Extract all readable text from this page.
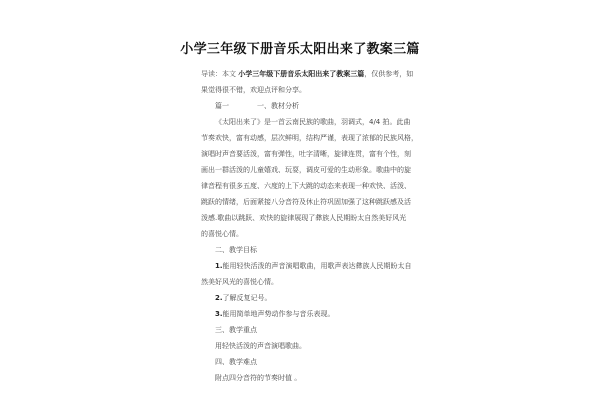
小学三年级下册音乐太阳出来了教案三篇

导读：本文 小学三年级下册音乐太阳出来了教案三篇，仅供参考，如

果觉得很不错，欢迎点评和分享。

篇一	一、教材分析

《太阳出来了》是一首云南民族的歌曲，羽调式，4/4 拍。此曲

节奏欢快，富有动感，层次鲜明，结构严谨，表现了浓郁的民族风格，

演唱时声音要活泼，富有弹性，吐字清晰，旋律连贯，富有个性，刻

画出一群活泼的儿童嬉戏、玩耍，调皮可爱的生动形象。歌曲中的旋

律音程有很多五度、六度的上下大跳的动态来表现一种欢快、活泼、

跳跃的情绪，后面紧接八分音符及休止符巩固加强了这种跳跃感及活

泼感.歌曲以跳跃、欢快的旋律展现了彝族人民期盼太自然美好风光

的喜悦心情。

二、教学目标

1.能用轻快活泼的声音演唱歌曲，用歌声表达彝族人民期盼太自

然美好风光的喜悦心情。

2.了解反复记号。

3.能用简单地声势动作参与音乐表现。

三、教学重点

用轻快活泼的声音演唱歌曲。

四、教学难点

附点四分音符的节奏时值 。
